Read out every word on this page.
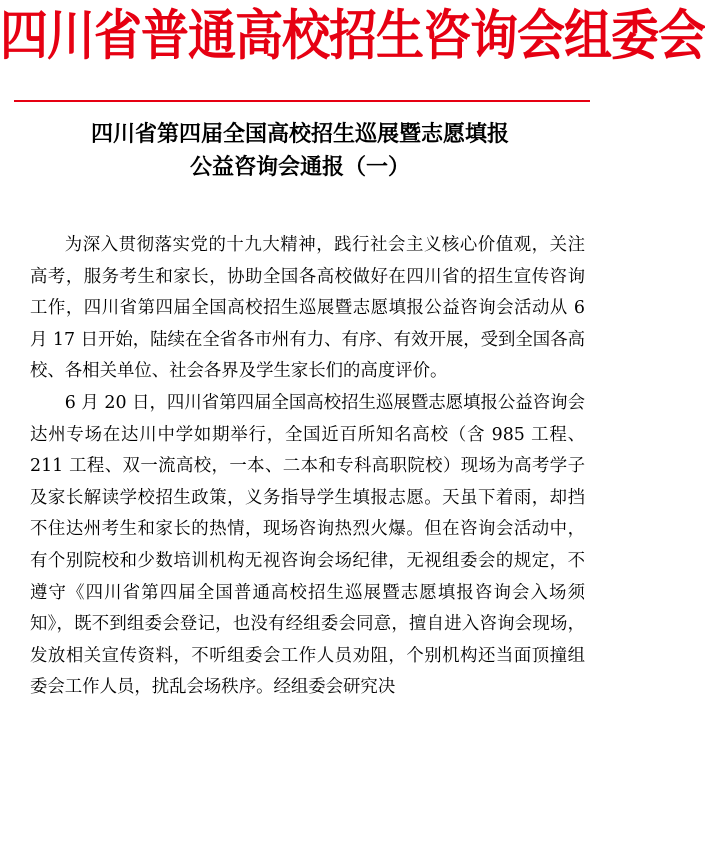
四川省普通高校招生咨询会组委会
四川省第四届全国高校招生巡展暨志愿填报
公益咨询会通报（一）

为深入贯彻落实党的十九大精神，践行社会主义核心价值观，关注高考，服务考生和家长，协助全国各高校做好在四川省的招生宣传咨询工作，四川省第四届全国高校招生巡展暨志愿填报公益咨询会活动从 6 月 17 日开始，陆续在全省各市州有力、有序、有效开展，受到全国各高校、各相关单位、社会各界及学生家长们的高度评价。

6 月 20 日，四川省第四届全国高校招生巡展暨志愿填报公益咨询会达州专场在达川中学如期举行，全国近百所知名高校（含 985 工程、211 工程、双一流高校，一本、二本和专科高职院校）现场为高考学子及家长解读学校招生政策，义务指导学生填报志愿。天虽下着雨，却挡不住达州考生和家长的热情，现场咨询热烈火爆。但在咨询会活动中，有个别院校和少数培训机构无视咨询会场纪律，无视组委会的规定，不遵守《四川省第四届全国普通高校招生巡展暨志愿填报咨询会入场须知》，既不到组委会登记，也没有经组委会同意，擅自进入咨询会现场，发放相关宣传资料，不听组委会工作人员劝阻，个别机构还当面顶撞组委会工作人员，扰乱会场秩序。经组委会研究决
